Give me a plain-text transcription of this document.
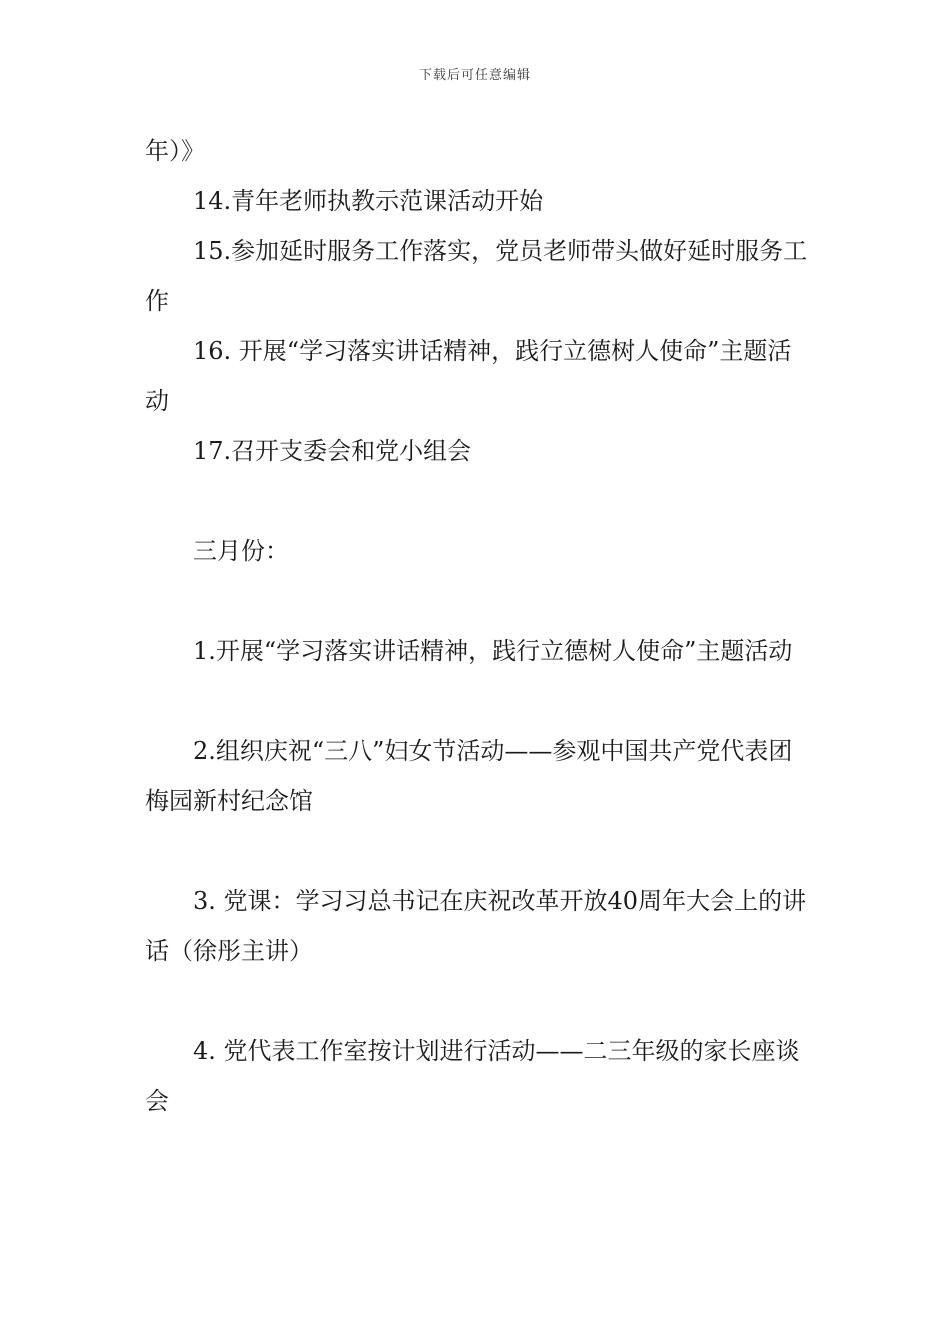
下载后可任意编辑

年）》

14.青年老师执教示范课活动开始

15.参加延时服务工作落实，党员老师带头做好延时服务工作

16. 开展“学习落实讲话精神，践行立德树人使命”主题活动

17.召开支委会和党小组会

三月份：

1.开展“学习落实讲话精神，践行立德树人使命”主题活动

2.组织庆祝“三八”妇女节活动——参观中国共产党代表团梅园新村纪念馆

3. 党课：学习习总书记在庆祝改革开放40周年大会上的讲话（徐彤主讲）

4. 党代表工作室按计划进行活动——二三年级的家长座谈会
